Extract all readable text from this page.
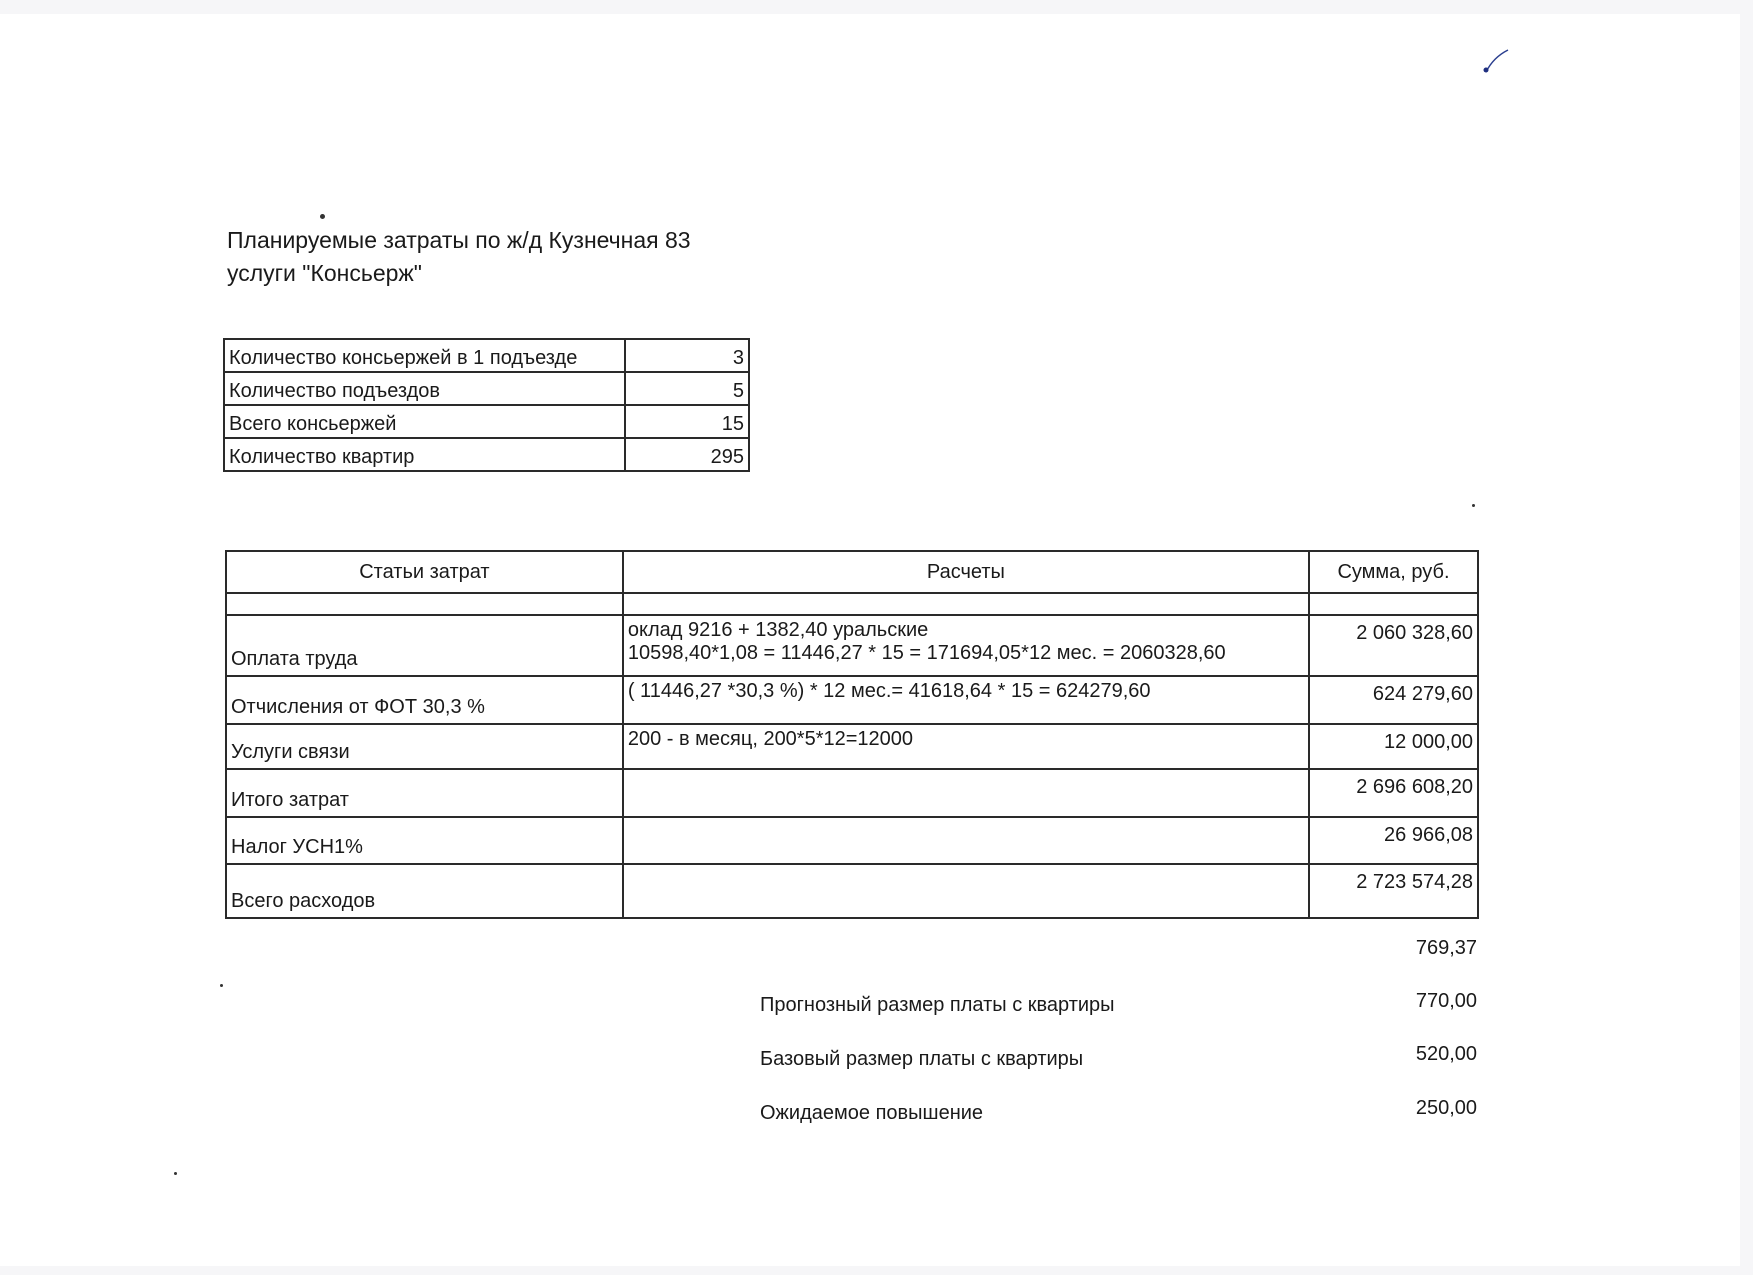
Планируемые затраты по ж/д Кузнечная 83
услуги "Консьерж"
Количество консьержей в 1 подъезде	3
Количество подъездов	5
Всего консьержей	15
Количество квартир	295
Статьи затрат	Расчеты	Сумма, руб.

Оплата труда	оклад 9216 + 1382,40 уральские
10598,40*1,08 = 11446,27 * 15 = 171694,05*12 мес. = 2060328,60	2 060 328,60
Отчисления от ФОТ 30,3 %	( 11446,27 *30,3 %) * 12 мес.= 41618,64 * 15 = 624279,60	624 279,60
Услуги связи	200 - в месяц, 200*5*12=12000	12 000,00
Итого затрат		2 696 608,20
Налог УСН1%		26 966,08
Всего расходов		2 723 574,28
769,37
Прогнозный размер платы с квартиры	770,00
Базовый размер платы с квартиры	520,00
Ожидаемое повышение	250,00
